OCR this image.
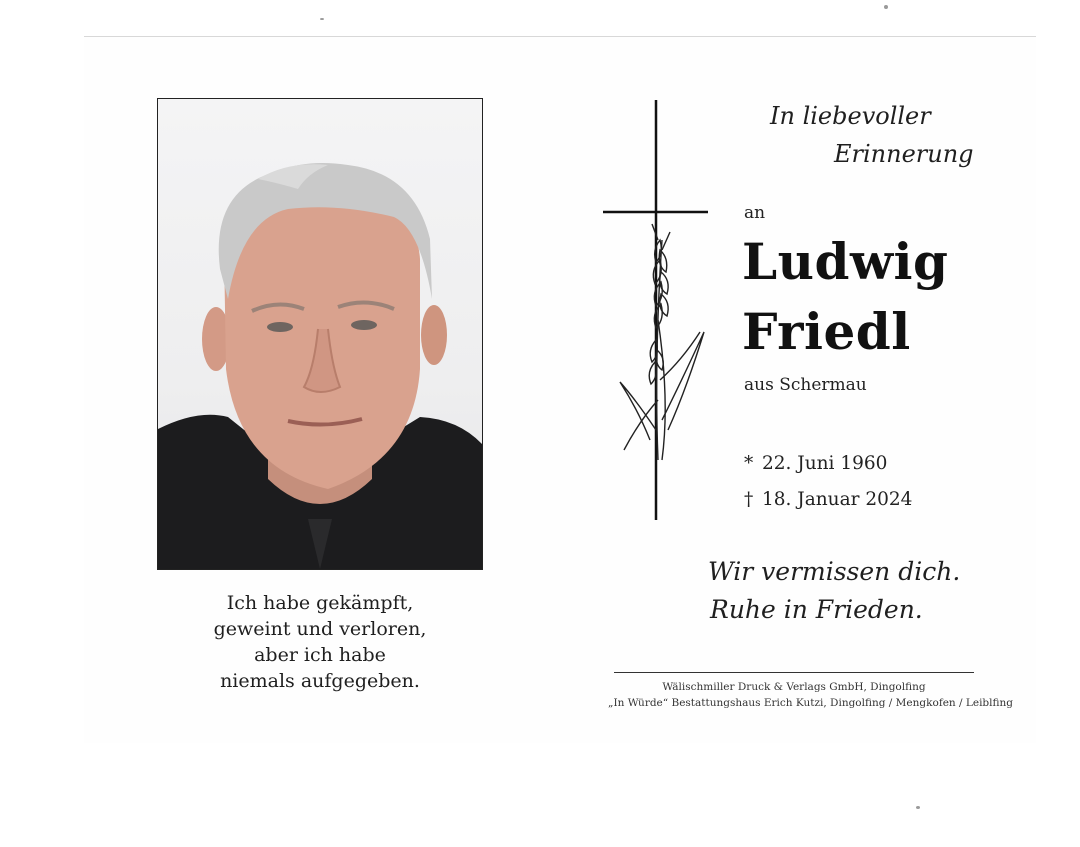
Ich habe gekämpft,
geweint und verloren,
aber ich habe
niemals aufgegeben.
In liebevoller
Erinnerung
an
Ludwig
Friedl
aus Schermau
* 22. Juni 1960
† 18. Januar 2024
Wir vermissen dich.
Ruhe in Frieden.
Wälischmiller Druck & Verlags GmbH, Dingolfing
„In Würde“ Bestattungshaus Erich Kutzi, Dingolfing / Mengkofen / Leiblfing
